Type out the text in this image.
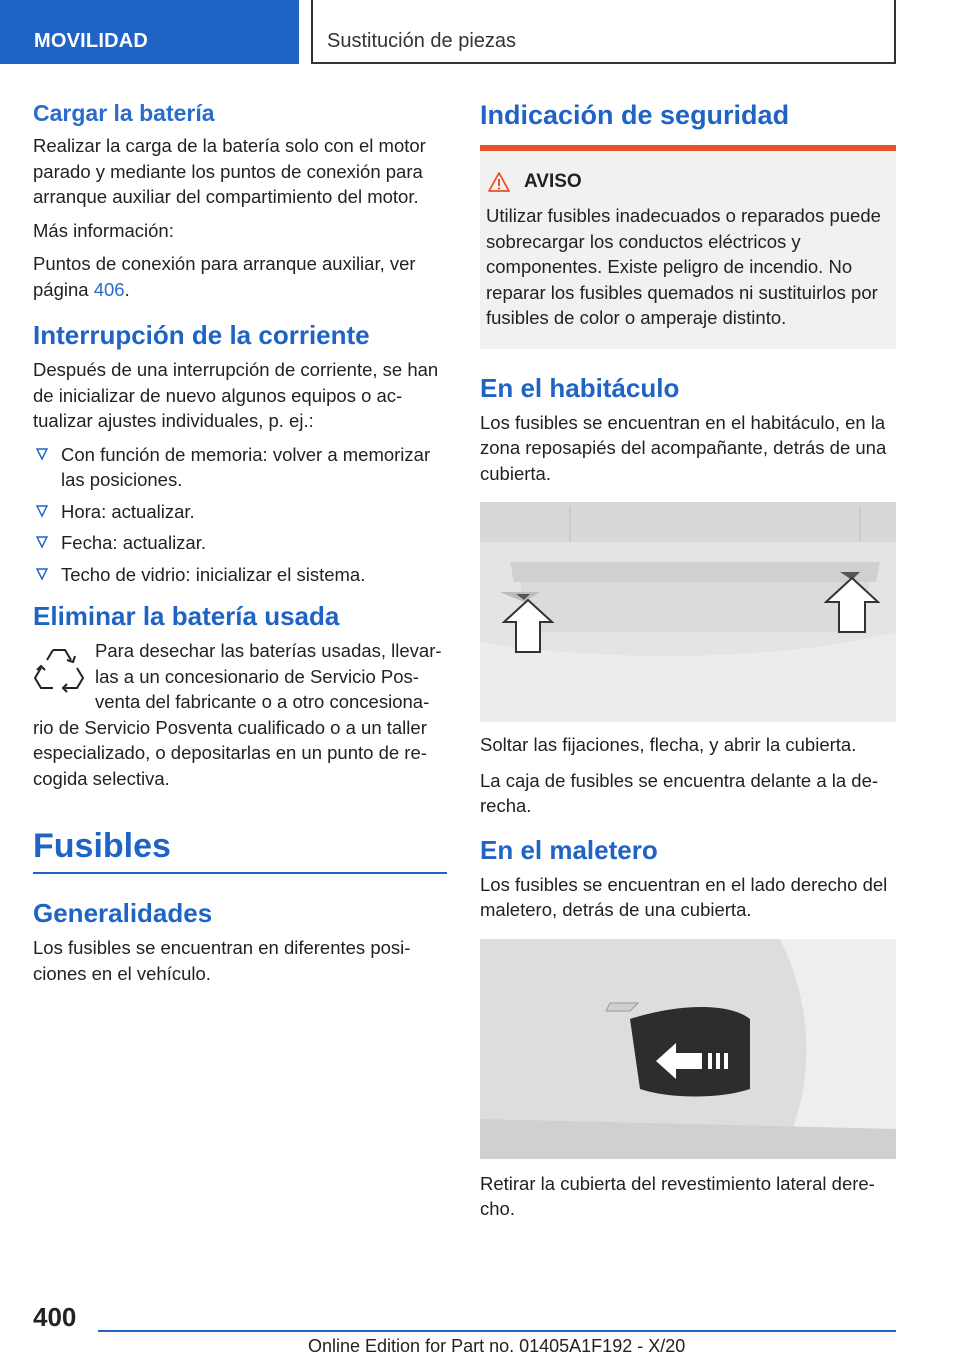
MOVILIDAD	Sustitución de piezas
Cargar la batería

Realizar la carga de la batería solo con el motor parado y mediante los puntos de conexión para arranque auxiliar del compartimiento del motor.

Más información:

Puntos de conexión para arranque auxiliar, ver página 406.

Interrupción de la corriente

Después de una interrupción de corriente, se han de inicializar de nuevo algunos equipos o ac-tualizar ajustes individuales, p. ej.:

Con función de memoria: volver a memorizar las posiciones.
Hora: actualizar.
Fecha: actualizar.
Techo de vidrio: inicializar el sistema.
Eliminar la batería usada

Para desechar las baterías usadas, llevar-las a un concesionario de Servicio Pos-venta del fabricante o a otro concesiona-rio de Servicio Posventa cualificado o a un taller especializado, o depositarlas en un punto de re-cogida selectiva.

Fusibles
Generalidades

Los fusibles se encuentran en diferentes posi-ciones en el vehículo.

Indicación de seguridad
AVISO

Utilizar fusibles inadecuados o reparados puede sobrecargar los conductos eléctricos y componentes. Existe peligro de incendio. No reparar los fusibles quemados ni sustituirlos por fusibles de color o amperaje distinto.

En el habitáculo

Los fusibles se encuentran en el habitáculo, en la zona reposapiés del acompañante, detrás de una cubierta.

Soltar las fijaciones, flecha, y abrir la cubierta.

La caja de fusibles se encuentra delante a la de-recha.

En el maletero

Los fusibles se encuentran en el lado derecho del maletero, detrás de una cubierta.

Retirar la cubierta del revestimiento lateral dere-cho.

400
Online Edition for Part no. 01405A1F192 - X/20
